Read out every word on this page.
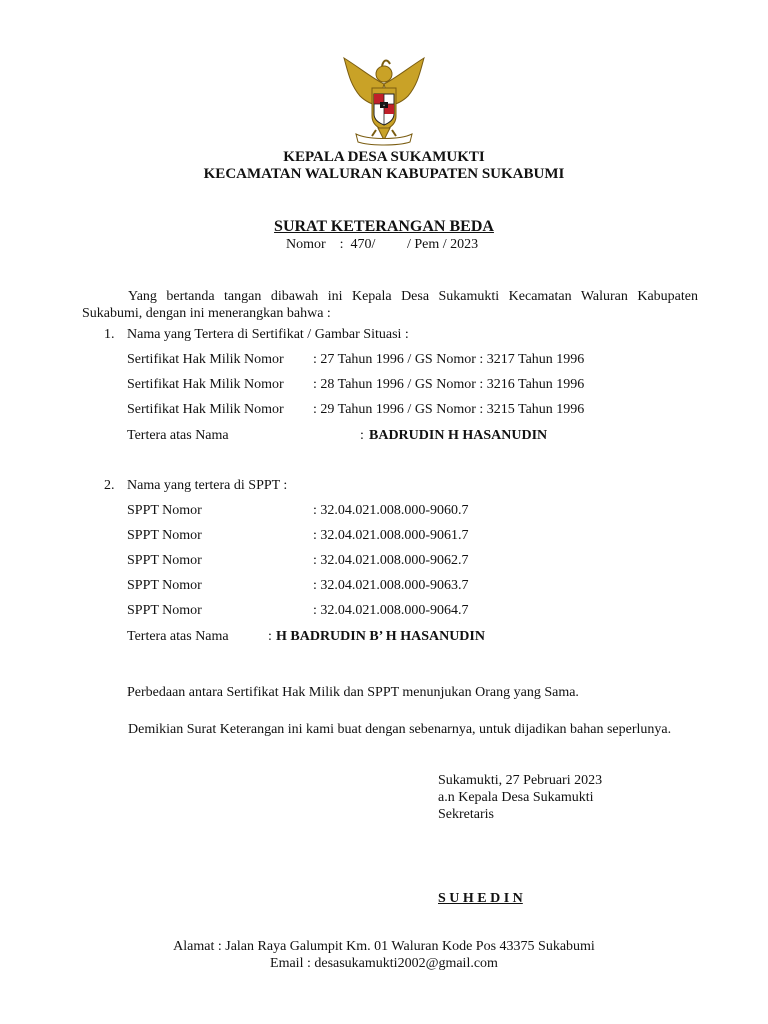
KEPALA DESA SUKAMUKTI
KECAMATAN WALURAN KABUPATEN SUKABUMI
SURAT KETERANGAN BEDA
Nomor    :  470/         / Pem / 2023
Yang bertanda tangan dibawah ini Kepala Desa Sukamukti Kecamatan Waluran Kabupaten Sukabumi, dengan ini menerangkan bahwa :
1. Nama yang Tertera di Sertifikat / Gambar Situasi :
Sertifikat Hak Milik Nomor : 27 Tahun 1996 / GS Nomor : 3217 Tahun 1996
Sertifikat Hak Milik Nomor : 28 Tahun 1996 / GS Nomor : 3216 Tahun 1996
Sertifikat Hak Milik Nomor : 29 Tahun 1996 / GS Nomor : 3215 Tahun 1996
Tertera atas Nama	: BADRUDIN H HASANUDIN
2. Nama yang tertera di SPPT :
SPPT Nomor	: 32.04.021.008.000-9060.7
SPPT Nomor	: 32.04.021.008.000-9061.7
SPPT Nomor	: 32.04.021.008.000-9062.7
SPPT Nomor	: 32.04.021.008.000-9063.7
SPPT Nomor	: 32.04.021.008.000-9064.7
Tertera atas Nama	: H BADRUDIN B’ H HASANUDIN
Perbedaan antara Sertifikat Hak Milik dan SPPT menunjukan Orang yang Sama.
Demikian Surat Keterangan ini kami buat dengan sebenarnya, untuk dijadikan bahan seperlunya.
Sukamukti, 27 Pebruari 2023
a.n Kepala Desa Sukamukti
Sekretaris
S U H E D I N
Alamat : Jalan Raya Galumpit Km. 01 Waluran Kode Pos 43375 Sukabumi
Email : desasukamukti2002@gmail.com
